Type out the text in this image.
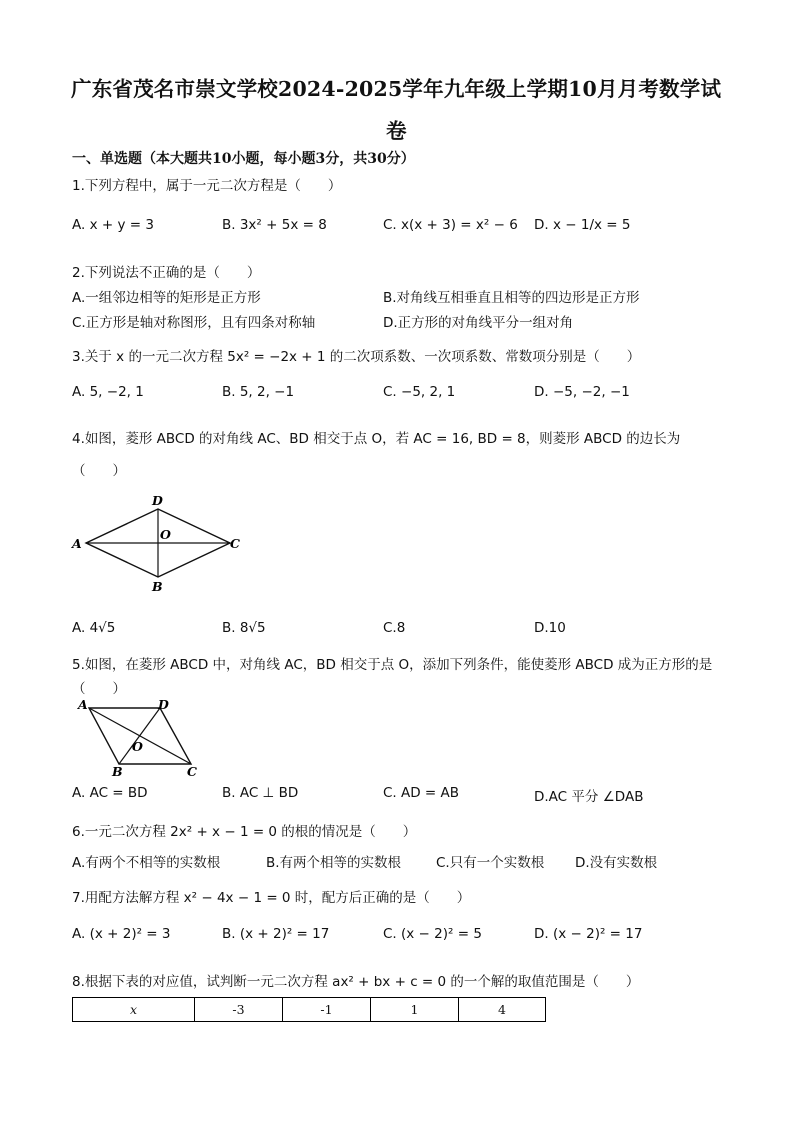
广东省茂名市崇文学校2024-2025学年九年级上学期10月月考数学试
卷
一、单选题（本大题共10小题，每小题3分，共30分）
1.下列方程中，属于一元二次方程是（　　）
A. x + y = 3	B. 3x² + 5x = 8	C. x(x + 3) = x² − 6 D. x − 1/x = 5
2.下列说法不正确的是（　　）
A.一组邻边相等的矩形是正方形	B.对角线互相垂直且相等的四边形是正方形
C.正方形是轴对称图形，且有四条对称轴	D.正方形的对角线平分一组对角
3.关于 x 的一元二次方程 5x² = −2x + 1 的二次项系数、一次项系数、常数项分别是（　　）
A. 5, −2, 1	B. 5, 2, −1	C. −5, 2, 1	D. −5, −2, −1
4.如图，菱形 ABCD 的对角线 AC、BD 相交于点 O，若 AC = 16, BD = 8，则菱形 ABCD 的边长为
（　　）
A
B
C
D
O
A. 4√5	B. 8√5	C.8	D.10
5.如图，在菱形 ABCD 中，对角线 AC，BD 相交于点 O，添加下列条件，能使菱形 ABCD 成为正方形的是
（　　）
A
B	C
D
O
A. AC = BD	B. AC ⊥ BD	C. AD = AB	D.AC 平分 ∠DAB
6.一元二次方程 2x² + x − 1 = 0 的根的情况是（　　）
A.有两个不相等的实数根	B.有两个相等的实数根	C.只有一个实数根 D.没有实数根
7.用配方法解方程 x² − 4x − 1 = 0 时，配方后正确的是（　　）
A. (x + 2)² = 3	B. (x + 2)² = 17	C. (x − 2)² = 5	D. (x − 2)² = 17
8.根据下表的对应值，试判断一元二次方程 ax² + bx + c = 0 的一个解的取值范围是（　　）
x	-3	-1	1	4
